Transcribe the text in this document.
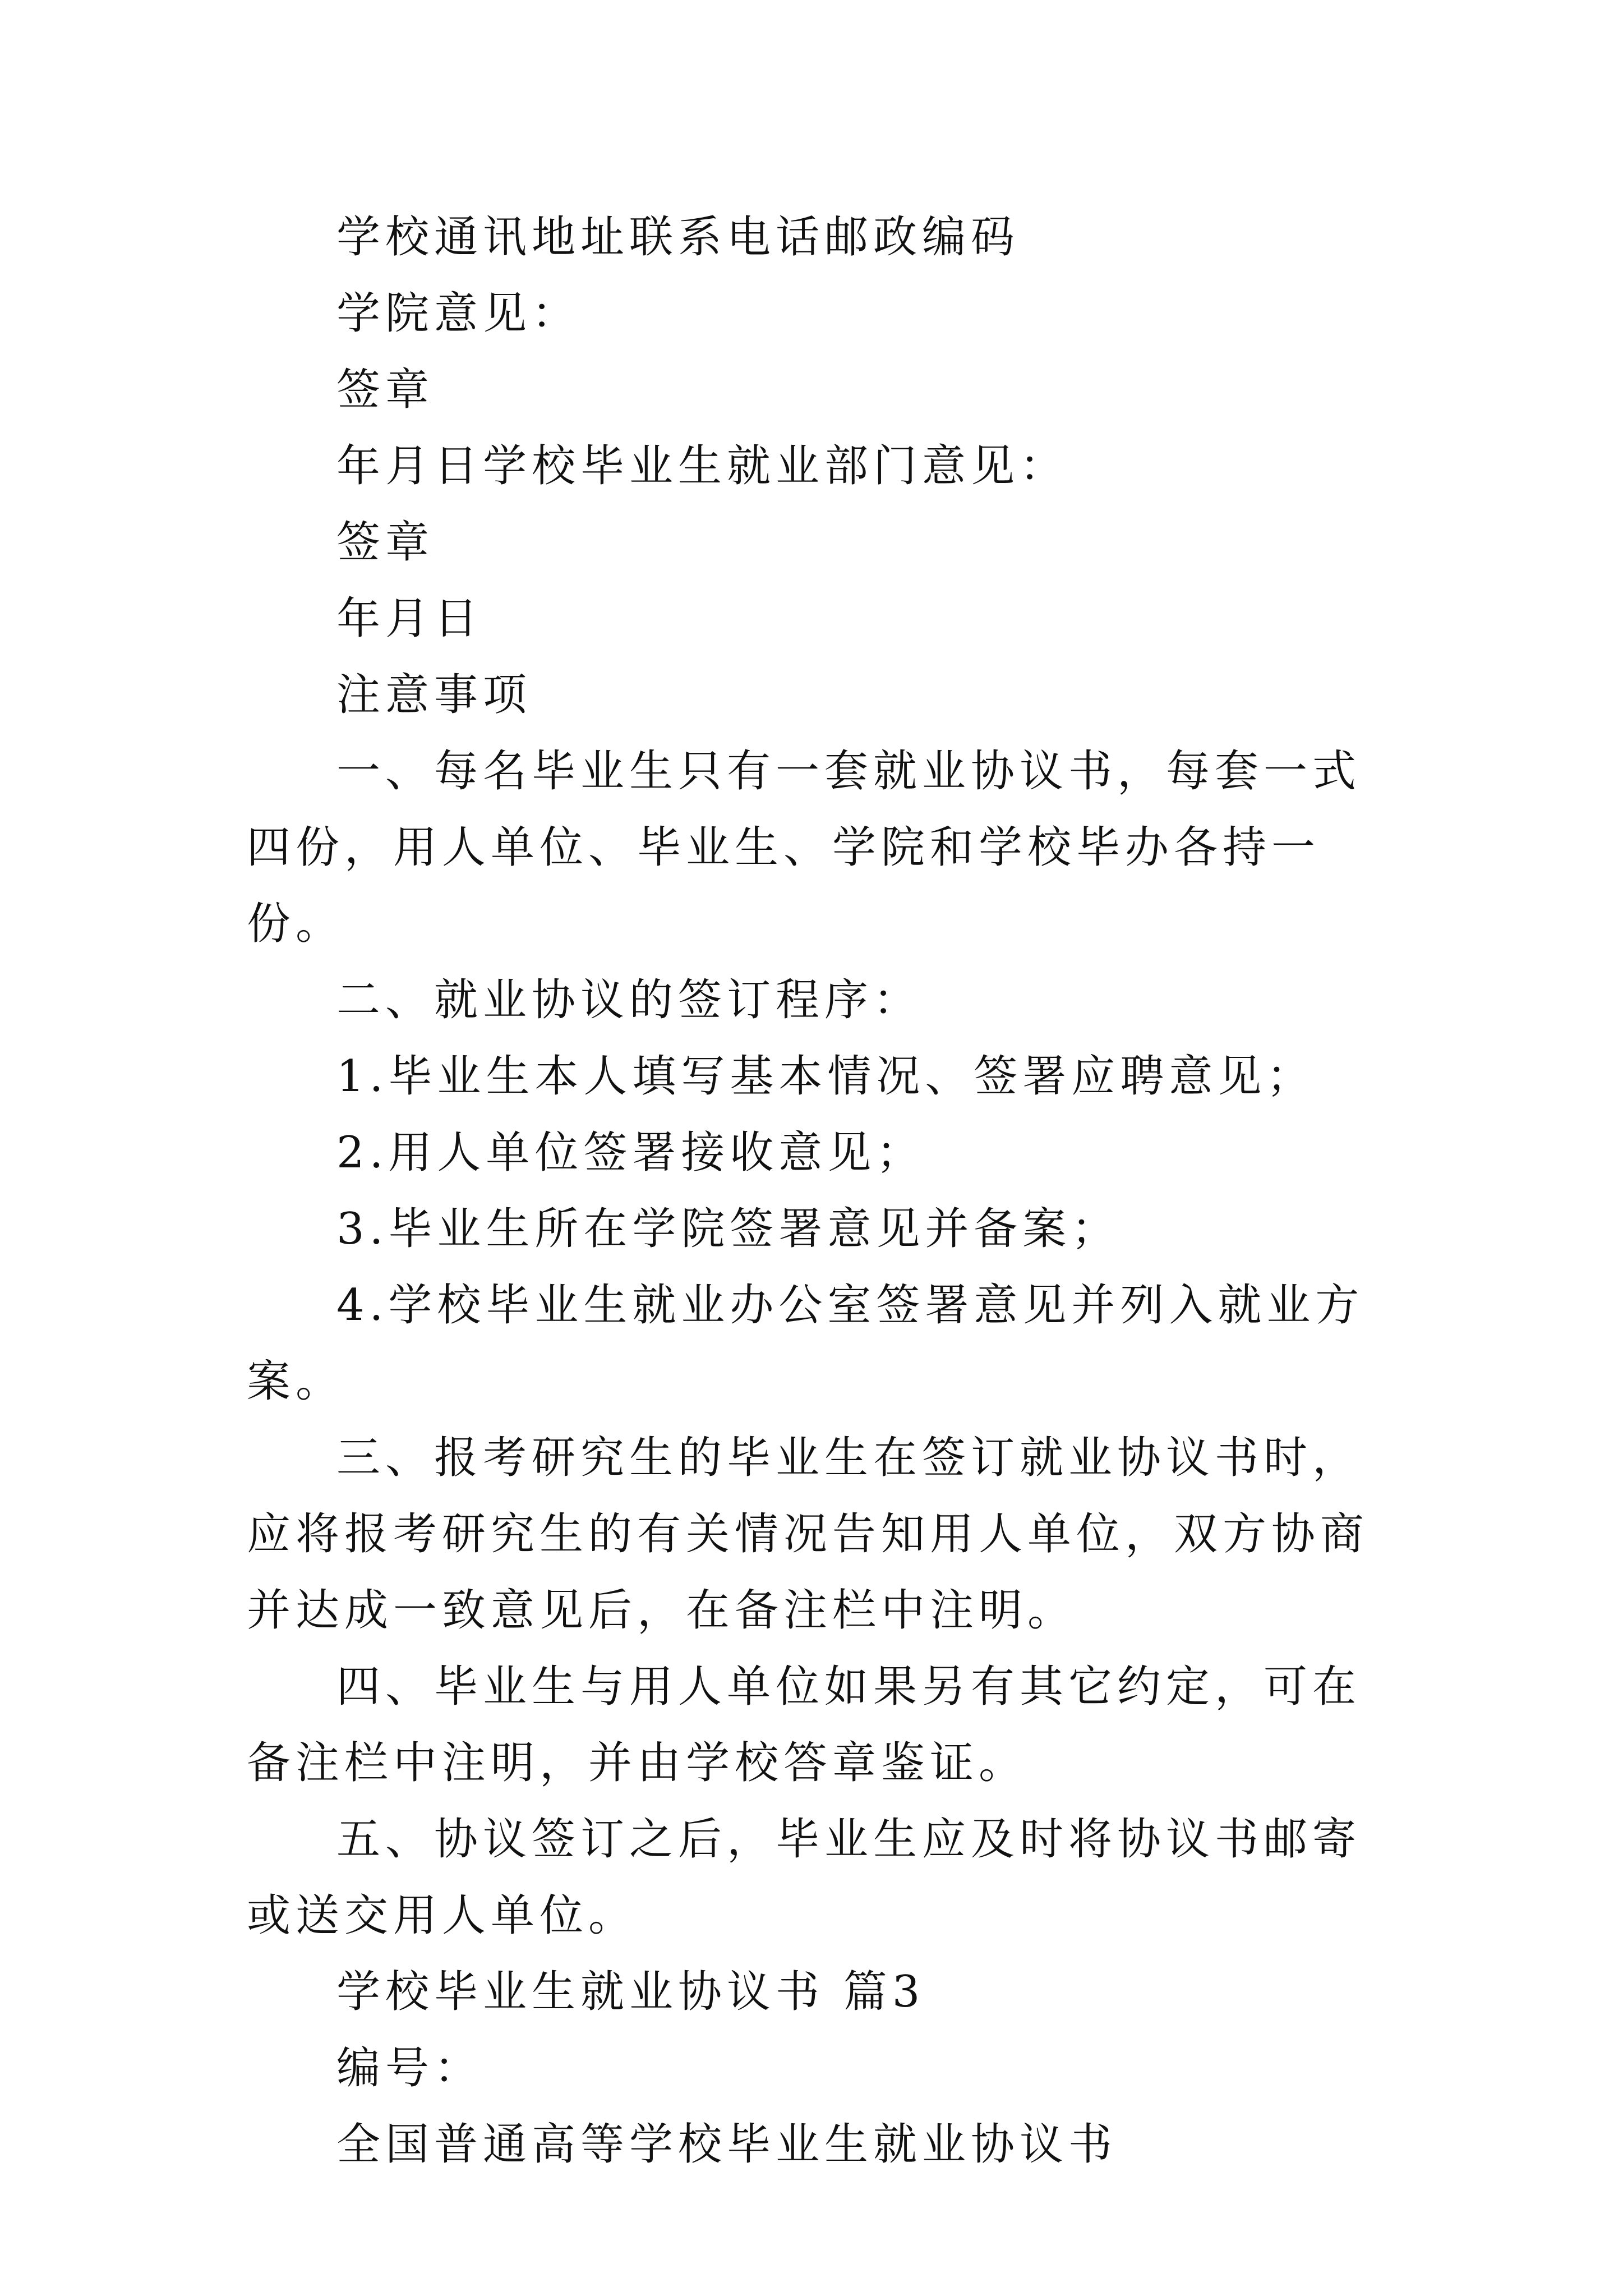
学校通讯地址联系电话邮政编码

学院意见：

签章

年月日学校毕业生就业部门意见：

签章

年月日

注意事项

一、每名毕业生只有一套就业协议书，每套一式四份，用人单位、毕业生、学院和学校毕办各持一份。

二、就业协议的签订程序：

1.毕业生本人填写基本情况、签署应聘意见；

2.用人单位签署接收意见；

3.毕业生所在学院签署意见并备案；

4.学校毕业生就业办公室签署意见并列入就业方案。

三、报考研究生的毕业生在签订就业协议书时，应将报考研究生的有关情况告知用人单位，双方协商并达成一致意见后，在备注栏中注明。

四、毕业生与用人单位如果另有其它约定，可在备注栏中注明，并由学校答章鉴证。

五、协议签订之后，毕业生应及时将协议书邮寄或送交用人单位。

学校毕业生就业协议书 篇3

编号：

全国普通高等学校毕业生就业协议书
